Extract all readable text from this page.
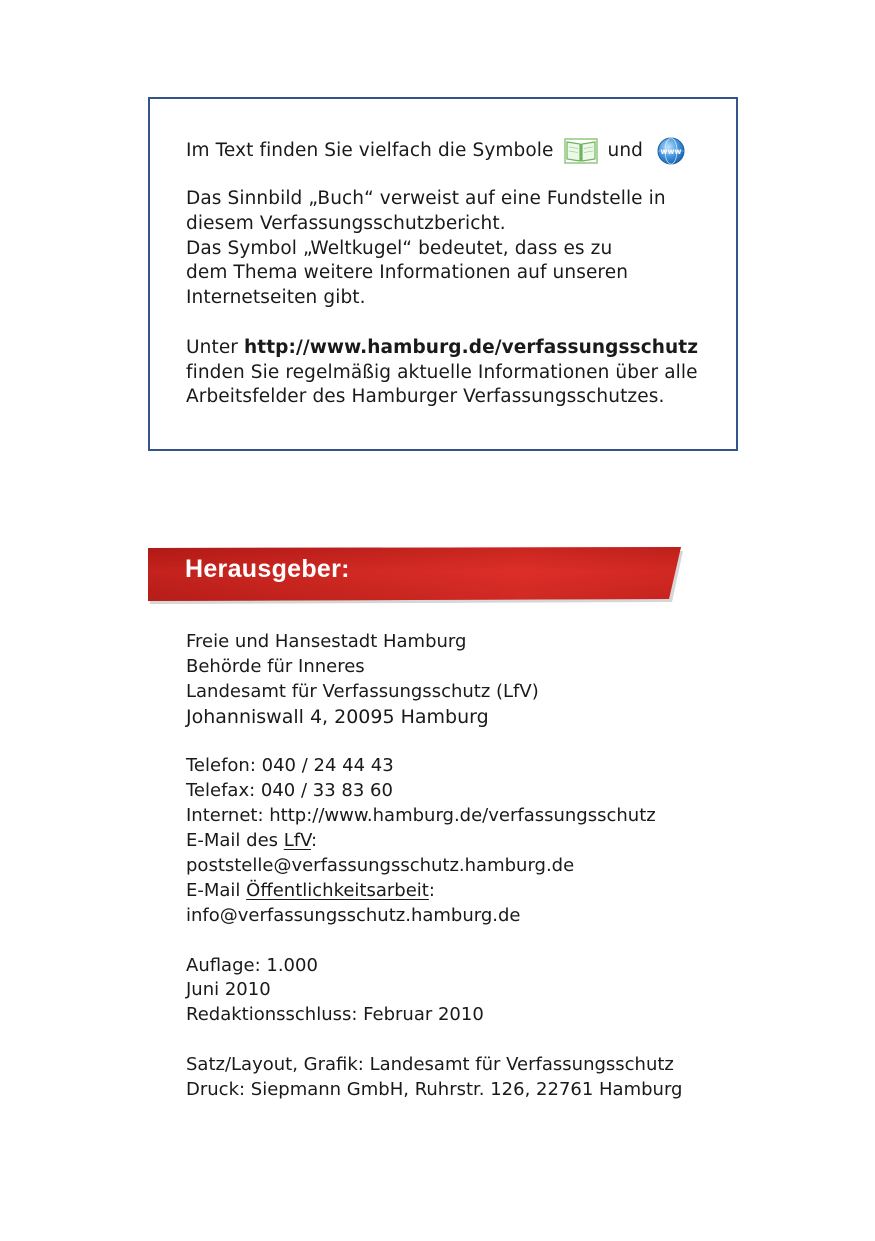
Im Text finden Sie vielfach die Symbole	und www

Das Sinnbild „Buch“ verweist auf eine Fundstelle in

diesem Verfassungsschutzbericht.

Das Symbol „Weltkugel“ bedeutet, dass es zu

dem Thema weitere Informationen auf unseren

Internetseiten gibt.

Unter http://www.hamburg.de/verfassungsschutz

finden Sie regelmäßig aktuelle Informationen über alle

Arbeitsfelder des Hamburger Verfassungsschutzes.

Herausgeber:

Freie und Hansestadt Hamburg

Behörde für Inneres

Landesamt für Verfassungsschutz (LfV)

Johanniswall 4, 20095 Hamburg

Telefon: 040 / 24 44 43

Telefax: 040 / 33 83 60

Internet: http://www.hamburg.de/verfassungsschutz

E-Mail des LfV:

poststelle@verfassungsschutz.hamburg.de

E-Mail Öffentlichkeitsarbeit:

info@verfassungsschutz.hamburg.de

Auflage: 1.000

Juni 2010

Redaktionsschluss: Februar 2010

Satz/Layout, Grafik: Landesamt für Verfassungsschutz

Druck: Siepmann GmbH, Ruhrstr. 126, 22761 Hamburg
